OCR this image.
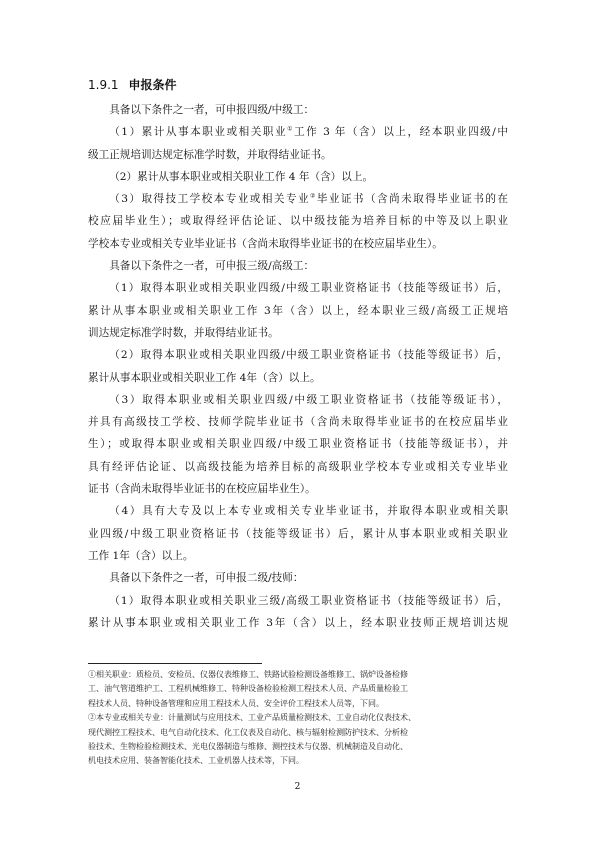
1.9.1 申报条件

具备以下条件之一者，可申报四级/中级工：

（1）累计从事本职业或相关职业①工作 3 年（含）以上，经本职业四级/中
级工正规培训达规定标准学时数，并取得结业证书。

（2）累计从事本职业或相关职业工作 4 年（含）以上。

（3）取得技工学校本专业或相关专业②毕业证书（含尚未取得毕业证书的在
校应届毕业生）；或取得经评估论证、以中级技能为培养目标的中等及以上职业
学校本专业或相关专业毕业证书（含尚未取得毕业证书的在校应届毕业生）。

具备以下条件之一者，可申报三级/高级工：

（1）取得本职业或相关职业四级/中级工职业资格证书（技能等级证书）后，
累计从事本职业或相关职业工作 3年（含）以上，经本职业三级/高级工正规培
训达规定标准学时数，并取得结业证书。

（2）取得本职业或相关职业四级/中级工职业资格证书（技能等级证书）后，
累计从事本职业或相关职业工作 4年（含）以上。

（3）取得本职业或相关职业四级/中级工职业资格证书（技能等级证书），
并具有高级技工学校、技师学院毕业证书（含尚未取得毕业证书的在校应届毕业
生）；或取得本职业或相关职业四级/中级工职业资格证书（技能等级证书），并
具有经评估论证、以高级技能为培养目标的高级职业学校本专业或相关专业毕业
证书（含尚未取得毕业证书的在校应届毕业生）。

（4）具有大专及以上本专业或相关专业毕业证书，并取得本职业或相关职
业四级/中级工职业资格证书（技能等级证书）后，累计从事本职业或相关职业
工作 1年（含）以上。

具备以下条件之一者，可申报二级/技师：

（1）取得本职业或相关职业三级/高级工职业资格证书（技能等级证书）后，
累计从事本职业或相关职业工作 3年（含）以上，经本职业技师正规培训达规

①相关职业：质检员、安检员、仪器仪表维修工、铁路试验检测设备维修工、锅炉设备检修
工、油气管道维护工、工程机械维修工、特种设备检验检测工程技术人员、产品质量检验工
程技术人员、特种设备管理和应用工程技术人员、安全评价工程技术人员等，下同。
②本专业或相关专业：计量测试与应用技术、工业产品质量检测技术、工业自动化仪表技术、
现代测控工程技术、电气自动化技术、化工仪表及自动化、核与辐射检测防护技术、分析检
验技术、生物检验检测技术、光电仪器制造与维修、测控技术与仪器、机械制造及自动化、
机电技术应用、装备智能化技术、工业机器人技术等，下同。
2
